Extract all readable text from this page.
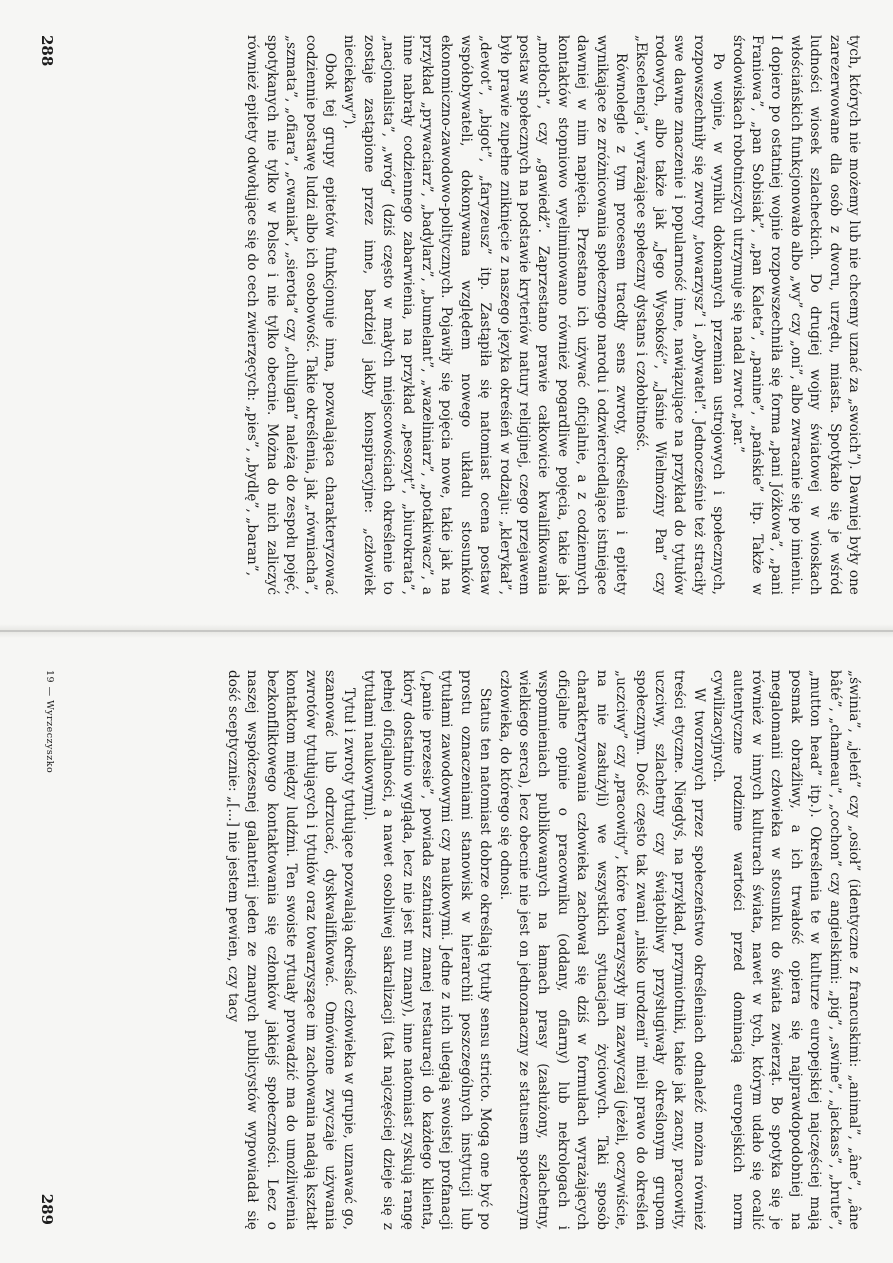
tych, których nie możemy lub nie chcemy uznać za „swoich”). Dawniej były one zarezerwowane dla osób z dworu, urzędu, miasta. Spotykało się je wśród ludności wiosek szlacheckich. Do drugiej wojny światowej w wioskach włościańskich funkcjonowało albo „wy” czy „oni”, albo zwracanie się po imieniu. I dopiero po ostatniej wojnie rozpowszechniła się forma „pani Jóżkowa”, „pani Franiowa”, „pan Sobisiak”, „pan Kaleta”, „panine”, „pańskie” itp. Także w środowiskach robotniczych utrzymuje się nadal zwrot „par.”

Po wojnie, w wyniku dokonanych przemian ustrojowych i społecznych, rozpowszechniły się zwroty „towarzysz” i „obywatel”. Jednocześnie też straciły swe dawne znaczenie i popularność inne, nawiązujące na przykład do tytułów rodowych, albo także jak „Jego Wysokość”, „Jaśnie Wielmożny Pan” czy „Ekscelencja”, wyrażające społeczny dystans i czołobitność.

Równolegle z tym procesem tracdły sens zwroty, określenia i epitety wynikające ze zróżnicowania społecznego narodu i odzwierciedlające istniejące dawniej w nim napięcia. Przestano ich używać oficjalnie, a z codziennych kontaktów stopniowo wyeliminowano również pogardliwe pojęcia, takie jak „motłoch”, czy „gawiedź”. Zaprzestano prawie całkowicie kwalifikowania postaw społecznych na podstawie kryteriów natury religijnej, czego przejawem było prawie zupełne zniknięcie z naszego języka okreśień w rodzaju: „klerykał”, „dewot”, „bigot”, „faryzeusz” itp. Zastąpiła się natomiast ocena postaw współobywateli, dokonywana względem nowego układu stosunków ekonomiczno-zawodowo-politycznych. Pojawiły się pojęcia nowe, takie jak na przykład „prywaciarz”, „badylarz”, „bumelant”, „wazeliniarz”, „potakiwacz”, a inne nabrały codziennego zabarwienia, na przykład „pesozyt”, „biurokrata”, „nacjonalista”, „wróg” (dziś często w małych miejscowościach określenie to zostaje zastąpione przez inne, bardziej jakby konspiracyjne: „człowiek nieciekawy”).

Obok tej grupy epitetów funkcjonuje inna, pozwalająca charakteryzować codziennie postawę ludzi albo ich osobowość. Takie określenia, jak „równiacha”, „szmata”, „ofiara”, „cwaniak”, „sierota” czy „chuligan” należą do zespołu pojęć, spotykanych nie tylko w Polsce i nie tylko obecnie. Można do nich zaliczyć również epitety odwołujące się do cech zwierzęcych: „pies”, „bydlę”, „baran”,

288

„świnia”, „jeleń” czy „osioł” (identyczne z francuskimi: „animal”, „âne”, „âne bâté”, „chameau”, „cochon” czy angielskimi: „pig”, „swine”, „jackass”, „brute”, „mutton head” itp.). Określenia te w kulturze europejskiej najczęściej mają posmak obraźliwy, a ich trwałość opiera się najprawdopodobniej na megalomanii człowieka w stosunku do świata zwierząt. Bo spotyka się je również w innych kulturach świata, nawet w tych, którym udało się ocalić autentyczne rodzime wartości przed dominacją europejskich norm cywilizacyjnych.

W tworzonych przez społeczeństwo określeniach odnaleźć można również treści etyczne. Niegdyś, na przykład, przymiotniki, takie jak zacny, pracowity, uczciwy, szlachetny czy świątobliwy przysługiwały określonym grupom społecznym. Dość często tak zwani „nisko urodzeni” mieli prawo do określeń „uczciwy” czy „pracowity”, które towarzyszyły im zazwyczaj (jeżeli, oczywiście, na nie zasłużyli) we wszystkich sytuacjach życiowych. Taki sposób charakteryzowania człowieka zachował się dziś w formułach wyrażających oficjalne opinie o pracowniku (oddany, ofiarny) lub nekrologach i wspomnieniach publikowanych na łamach prasy (zasłużony, szlachetny, wielkiego serca), lecz obecnie nie jest on jednoznaczny ze statusem społecznym człowieka, do którego się odnosi.

Status ten natomiast dobrze określają tytuły sensu stricto. Mogą one być po prostu oznaczeniami stanowisk w hierarchii poszczególnych instytucji lub tytułami zawodowymi czy naukowymi. Jedne z nich ulegają swoistej profanacji („panie prezesie”, powiada szatniarz znanej restauracji do każdego klienta, który dostatnio wygląda, lecz nie jest mu znany), inne natomiast zyskują rangę pełnej oficjalności, a nawet osobliwej sakralizacji (tak najczęściej dzieje się z tytułami naukowymi).

Tytuł i zwroty tytułujące pozwalają określać człowieka w grupie, uznawać go, szanować lub odrzucać, dyskwalifikować. Omówione zwyczaje używania zwrotów tytułujących i tytułów oraz towarzyszące im zachowania nadają kształt kontaktom między ludźmi. Ten swoiste rytuały prowadzić ma do umożliwienia bezkonfliktowego kontaktowania się członków jakiejś społeczności. Lecz o naszej współczesnej galanterii jeden ze znanych publicystów wypowiadał się dość sceptycznie: „[...] nie jestem pewien, czy tacy

19 — Wyrzeczyszko
289
